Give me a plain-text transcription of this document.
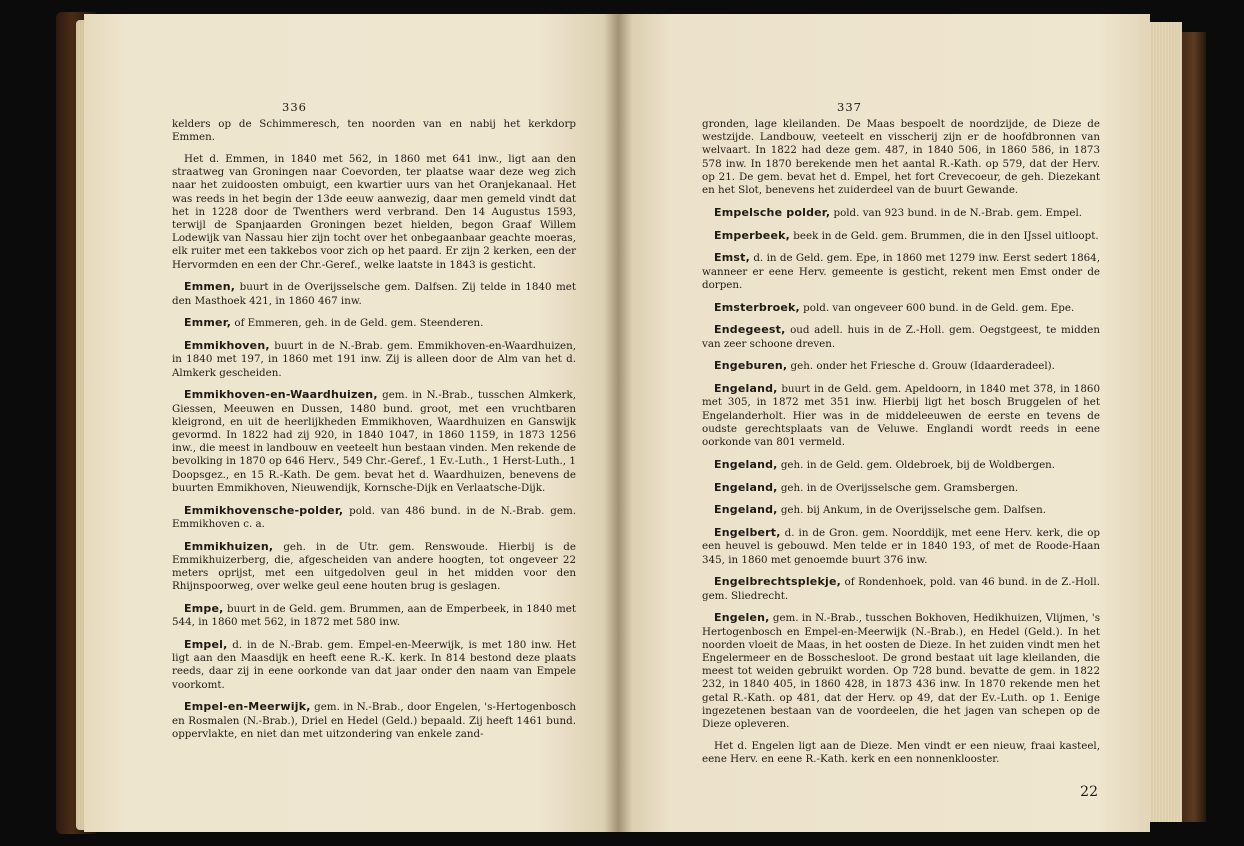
336

kelders op de Schimmeresch, ten noorden van en nabij het kerkdorp Emmen.

Het d. Emmen, in 1840 met 562, in 1860 met 641 inw., ligt aan den straatweg van Groningen naar Coevorden, ter plaatse waar deze weg zich naar het zuidoosten ombuigt, een kwartier uurs van het Oranjekanaal. Het was reeds in het begin der 13de eeuw aanwezig, daar men gemeld vindt dat het in 1228 door de Twenthers werd verbrand. Den 14 Augustus 1593, terwijl de Spanjaarden Groningen bezet hielden, begon Graaf Willem Lodewijk van Nassau hier zijn tocht over het onbegaanbaar geachte moeras, elk ruiter met een takkebos voor zich op het paard. Er zijn 2 kerken, een der Hervormden en een der Chr.-Geref., welke laatste in 1843 is gesticht.

Emmen, buurt in de Overijsselsche gem. Dalfsen. Zij telde in 1840 met den Masthoek 421, in 1860 467 inw.

Emmer, of Emmeren, geh. in de Geld. gem. Steenderen.

Emmikhoven, buurt in de N.-Brab. gem. Emmikhoven-en-Waardhuizen, in 1840 met 197, in 1860 met 191 inw. Zij is alleen door de Alm van het d. Almkerk gescheiden.

Emmikhoven-en-Waardhuizen, gem. in N.-Brab., tusschen Almkerk, Giessen, Meeuwen en Dussen, 1480 bund. groot, met een vruchtbaren kleigrond, en uit de heerlijkheden Emmikhoven, Waardhuizen en Ganswijk gevormd. In 1822 had zij 920, in 1840 1047, in 1860 1159, in 1873 1256 inw., die meest in landbouw en veeteelt hun bestaan vinden. Men rekende de bevolking in 1870 op 646 Herv., 549 Chr.-Geref., 1 Ev.-Luth., 1 Herst-Luth., 1 Doopsgez., en 15 R.-Kath. De gem. bevat het d. Waardhuizen, benevens de buurten Emmikhoven, Nieuwendijk, Kornsche-Dijk en Verlaatsche-Dijk.

Emmikhovensche-polder, pold. van 486 bund. in de N.-Brab. gem. Emmikhoven c. a.

Emmikhuizen, geh. in de Utr. gem. Renswoude. Hierbij is de Emmikhuizerberg, die, afgescheiden van andere hoogten, tot ongeveer 22 meters oprijst, met een uitgedolven geul in het midden voor den Rhijnspoorweg, over welke geul eene houten brug is geslagen.

Empe, buurt in de Geld. gem. Brummen, aan de Emperbeek, in 1840 met 544, in 1860 met 562, in 1872 met 580 inw.

Empel, d. in de N.-Brab. gem. Empel-en-Meerwijk, is met 180 inw. Het ligt aan den Maasdijk en heeft eene R.-K. kerk. In 814 bestond deze plaats reeds, daar zij in eene oorkonde van dat jaar onder den naam van Empele voorkomt.

Empel-en-Meerwijk, gem. in N.-Brab., door Engelen, 's-Hertogenbosch en Rosmalen (N.-Brab.), Driel en Hedel (Geld.) bepaald. Zij heeft 1461 bund. oppervlakte, en niet dan met uitzondering van enkele zand-

337

gronden, lage kleilanden. De Maas bespoelt de noordzijde, de Dieze de westzijde. Landbouw, veeteelt en visscherij zijn er de hoofdbronnen van welvaart. In 1822 had deze gem. 487, in 1840 506, in 1860 586, in 1873 578 inw. In 1870 berekende men het aantal R.-Kath. op 579, dat der Herv. op 21. De gem. bevat het d. Empel, het fort Crevecoeur, de geh. Diezekant en het Slot, benevens het zuiderdeel van de buurt Gewande.

Empelsche polder, pold. van 923 bund. in de N.-Brab. gem. Empel.

Emperbeek, beek in de Geld. gem. Brummen, die in den IJssel uitloopt.

Emst, d. in de Geld. gem. Epe, in 1860 met 1279 inw. Eerst sedert 1864, wanneer er eene Herv. gemeente is gesticht, rekent men Emst onder de dorpen.

Emsterbroek, pold. van ongeveer 600 bund. in de Geld. gem. Epe.

Endegeest, oud adell. huis in de Z.-Holl. gem. Oegstgeest, te midden van zeer schoone dreven.

Engeburen, geh. onder het Friesche d. Grouw (Idaarderadeel).

Engeland, buurt in de Geld. gem. Apeldoorn, in 1840 met 378, in 1860 met 305, in 1872 met 351 inw. Hierbij ligt het bosch Bruggelen of het Engelanderholt. Hier was in de middeleeuwen de eerste en tevens de oudste gerechtsplaats van de Veluwe. Englandi wordt reeds in eene oorkonde van 801 vermeld.

Engeland, geh. in de Geld. gem. Oldebroek, bij de Woldbergen.

Engeland, geh. in de Overijsselsche gem. Gramsbergen.

Engeland, geh. bij Ankum, in de Overijsselsche gem. Dalfsen.

Engelbert, d. in de Gron. gem. Noorddijk, met eene Herv. kerk, die op een heuvel is gebouwd. Men telde er in 1840 193, of met de Roode-Haan 345, in 1860 met genoemde buurt 376 inw.

Engelbrechtsplekje, of Rondenhoek, pold. van 46 bund. in de Z.-Holl. gem. Sliedrecht.

Engelen, gem. in N.-Brab., tusschen Bokhoven, Hedikhuizen, Vlijmen, 's Hertogenbosch en Empel-en-Meerwijk (N.-Brab.), en Hedel (Geld.). In het noorden vloeit de Maas, in het oosten de Dieze. In het zuiden vindt men het Engelermeer en de Bosschesloot. De grond bestaat uit lage kleilanden, die meest tot weiden gebruikt worden. Op 728 bund. bevatte de gem. in 1822 232, in 1840 405, in 1860 428, in 1873 436 inw. In 1870 rekende men het getal R.-Kath. op 481, dat der Herv. op 49, dat der Ev.-Luth. op 1. Eenige ingezetenen bestaan van de voordeelen, die het jagen van schepen op de Dieze opleveren.

Het d. Engelen ligt aan de Dieze. Men vindt er een nieuw, fraai kasteel, eene Herv. en eene R.-Kath. kerk en een nonnenklooster.

22
